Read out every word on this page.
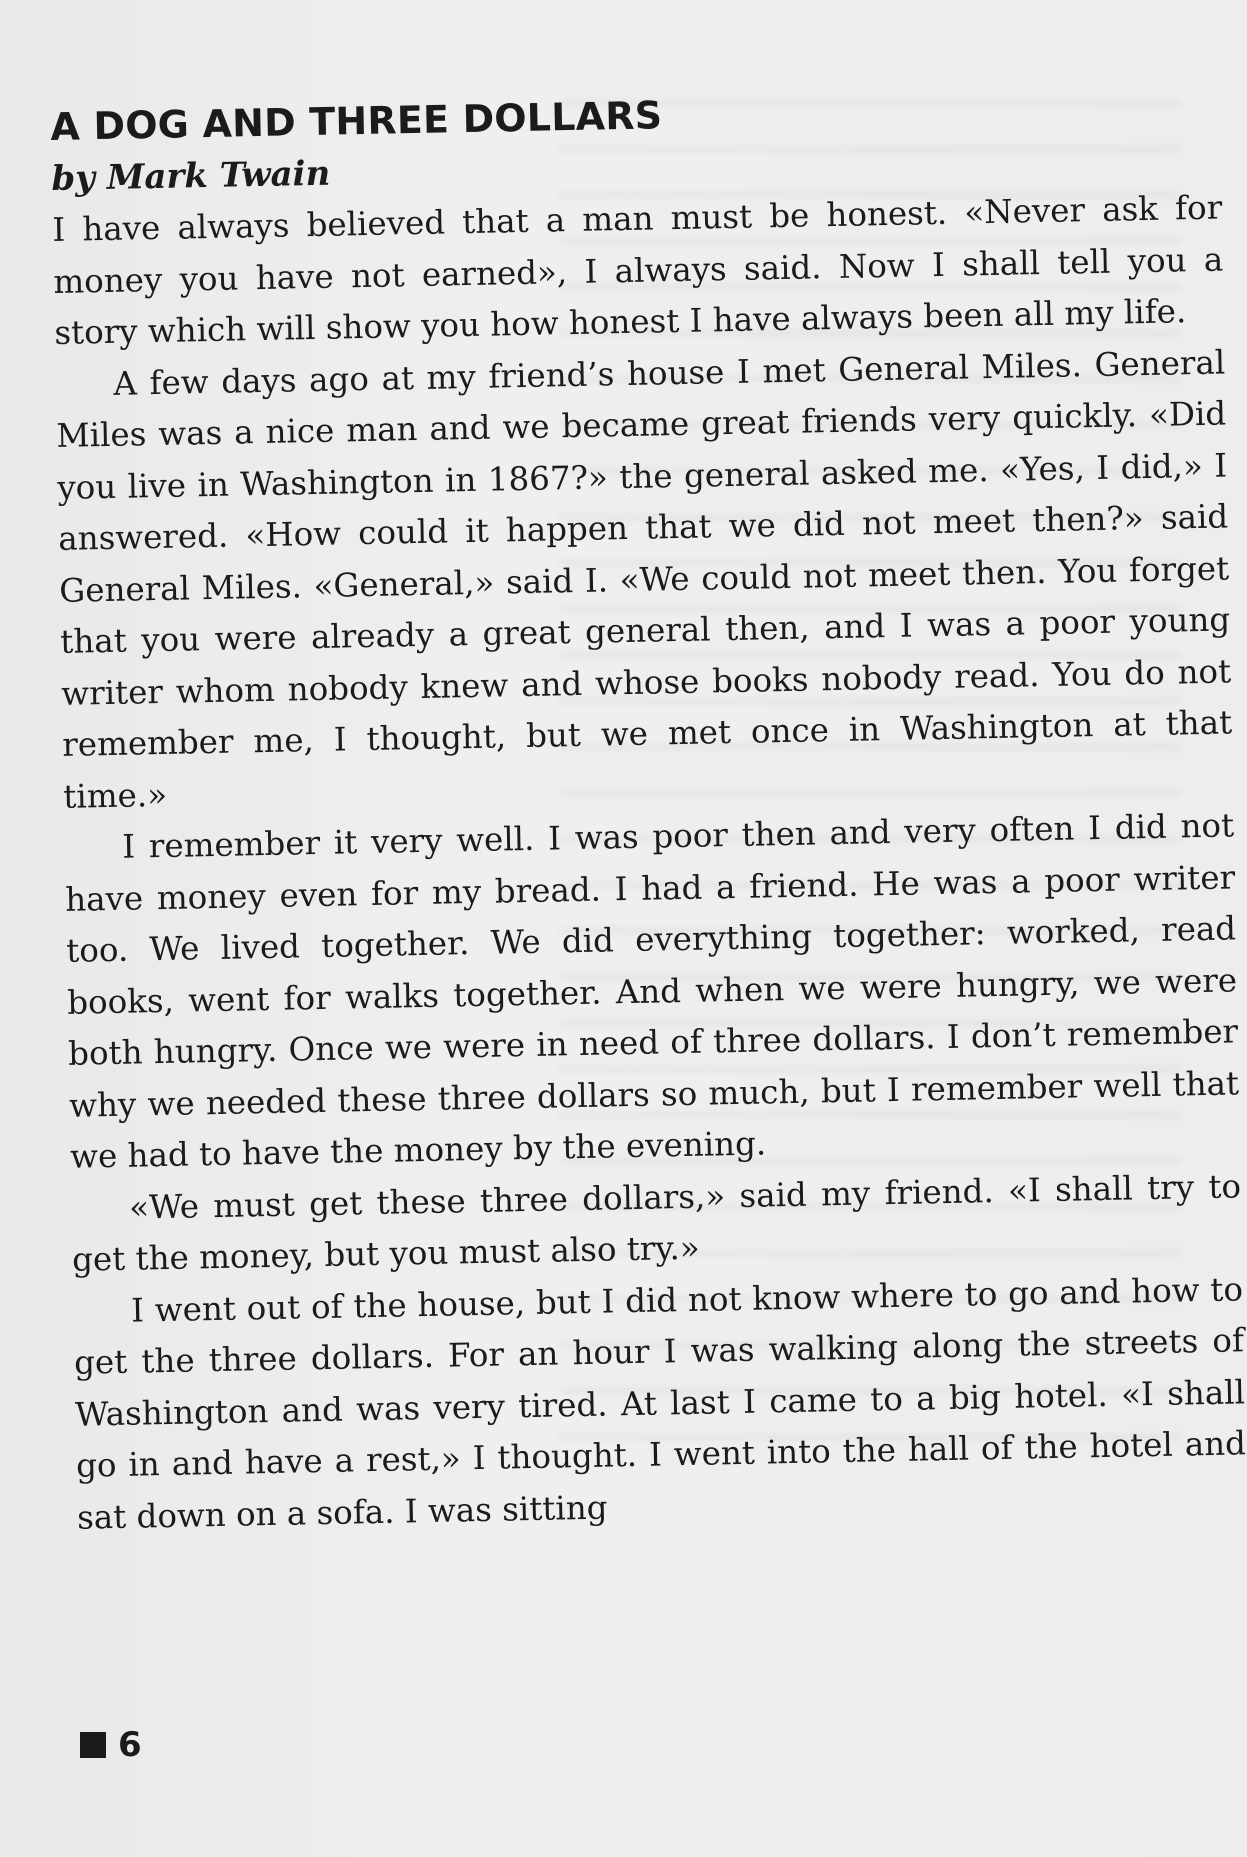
A DOG AND THREE DOLLARS
by Mark Twain

I have always believed that a man must be honest. «Never ask for money you have not earned», I always said. Now I shall tell you a story which will show you how honest I have always been all my life.

A few days ago at my friend’s house I met General Miles. General Miles was a nice man and we became great friends very quickly. «Did you live in Washington in 1867?» the general asked me. «Yes, I did,» I answered. «How could it happen that we did not meet then?» said General Miles. «General,» said I. «We could not meet then. You forget that you were already a great general then, and I was a poor young writer whom nobody knew and whose books nobody read. You do not remember me, I thought, but we met once in Washington at that time.»

I remember it very well. I was poor then and very often I did not have money even for my bread. I had a friend. He was a poor writer too. We lived together. We did everything together: worked, read books, went for walks together. And when we were hungry, we were both hungry. Once we were in need of three dollars. I don’t remember why we needed these three dollars so much, but I remember well that we had to have the money by the evening.

«We must get these three dollars,» said my friend. «I shall try to get the money, but you must also try.»

I went out of the house, but I did not know where to go and how to get the three dollars. For an hour I was walking along the streets of Washington and was very tired. At last I came to a big hotel. «I shall go in and have a rest,» I thought. I went into the hall of the hotel and sat down on a sofa. I was sitting

6
